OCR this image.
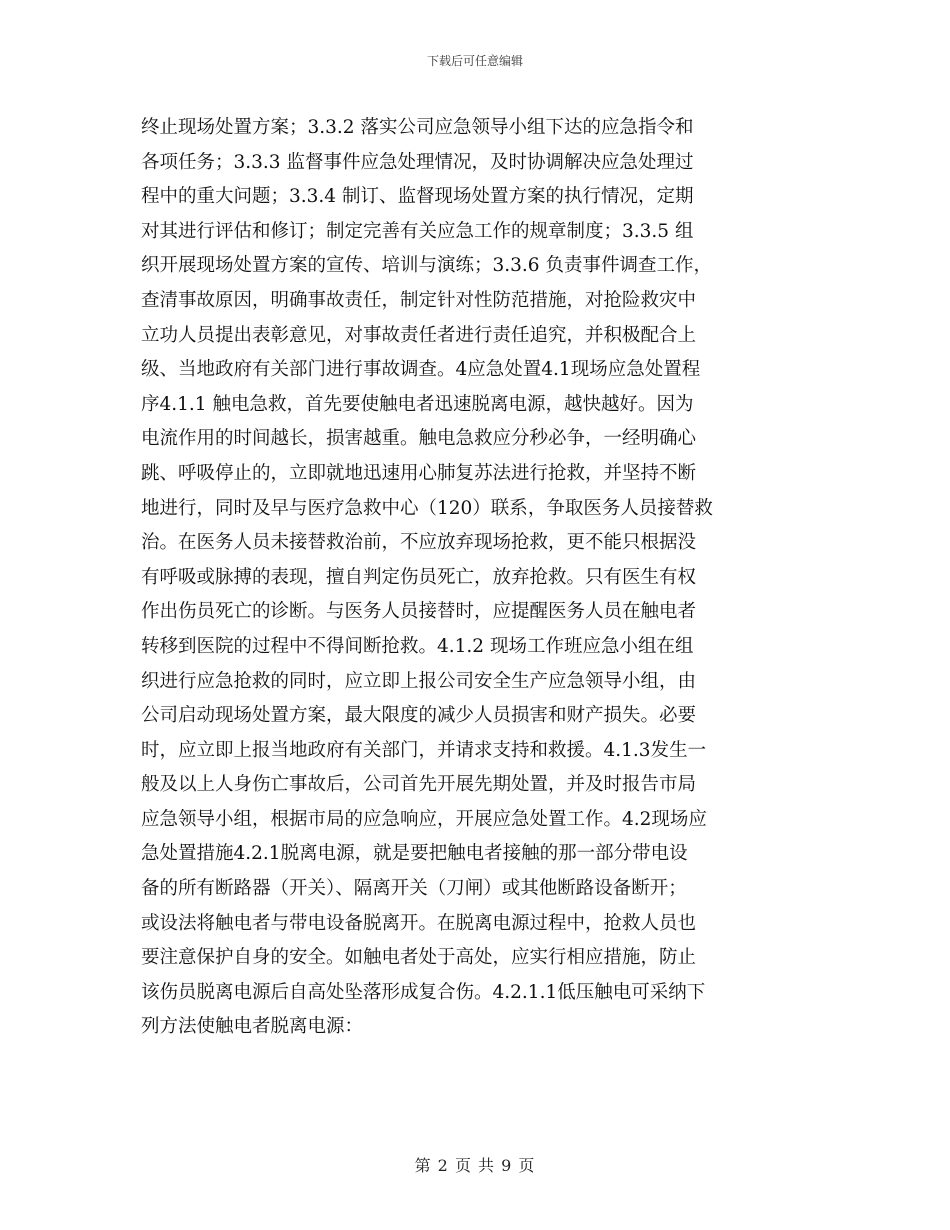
下载后可任意编辑
终止现场处置方案；3.3.2 落实公司应急领导小组下达的应急指令和
各项任务；3.3.3 监督事件应急处理情况，及时协调解决应急处理过
程中的重大问题；3.3.4 制订、监督现场处置方案的执行情况，定期
对其进行评估和修订；制定完善有关应急工作的规章制度；3.3.5 组
织开展现场处置方案的宣传、培训与演练；3.3.6 负责事件调查工作，
查清事故原因，明确事故责任，制定针对性防范措施，对抢险救灾中
立功人员提出表彰意见，对事故责任者进行责任追究，并积极配合上
级、当地政府有关部门进行事故调查。4应急处置4.1现场应急处置程
序4.1.1 触电急救，首先要使触电者迅速脱离电源，越快越好。因为
电流作用的时间越长，损害越重。触电急救应分秒必争，一经明确心
跳、呼吸停止的，立即就地迅速用心肺复苏法进行抢救，并坚持不断
地进行，同时及早与医疗急救中心（120）联系，争取医务人员接替救
治。在医务人员未接替救治前，不应放弃现场抢救，更不能只根据没
有呼吸或脉搏的表现，擅自判定伤员死亡，放弃抢救。只有医生有权
作出伤员死亡的诊断。与医务人员接替时，应提醒医务人员在触电者
转移到医院的过程中不得间断抢救。4.1.2 现场工作班应急小组在组
织进行应急抢救的同时，应立即上报公司安全生产应急领导小组，由
公司启动现场处置方案，最大限度的减少人员损害和财产损失。必要
时，应立即上报当地政府有关部门，并请求支持和救援。4.1.3发生一
般及以上人身伤亡事故后，公司首先开展先期处置，并及时报告市局
应急领导小组，根据市局的应急响应，开展应急处置工作。4.2现场应
急处置措施4.2.1脱离电源，就是要把触电者接触的那一部分带电设
备的所有断路器（开关）、隔离开关（刀闸）或其他断路设备断开；
或设法将触电者与带电设备脱离开。在脱离电源过程中，抢救人员也
要注意保护自身的安全。如触电者处于高处，应实行相应措施，防止
该伤员脱离电源后自高处坠落形成复合伤。4.2.1.1低压触电可采纳下
列方法使触电者脱离电源：
第 2 页 共 9 页
